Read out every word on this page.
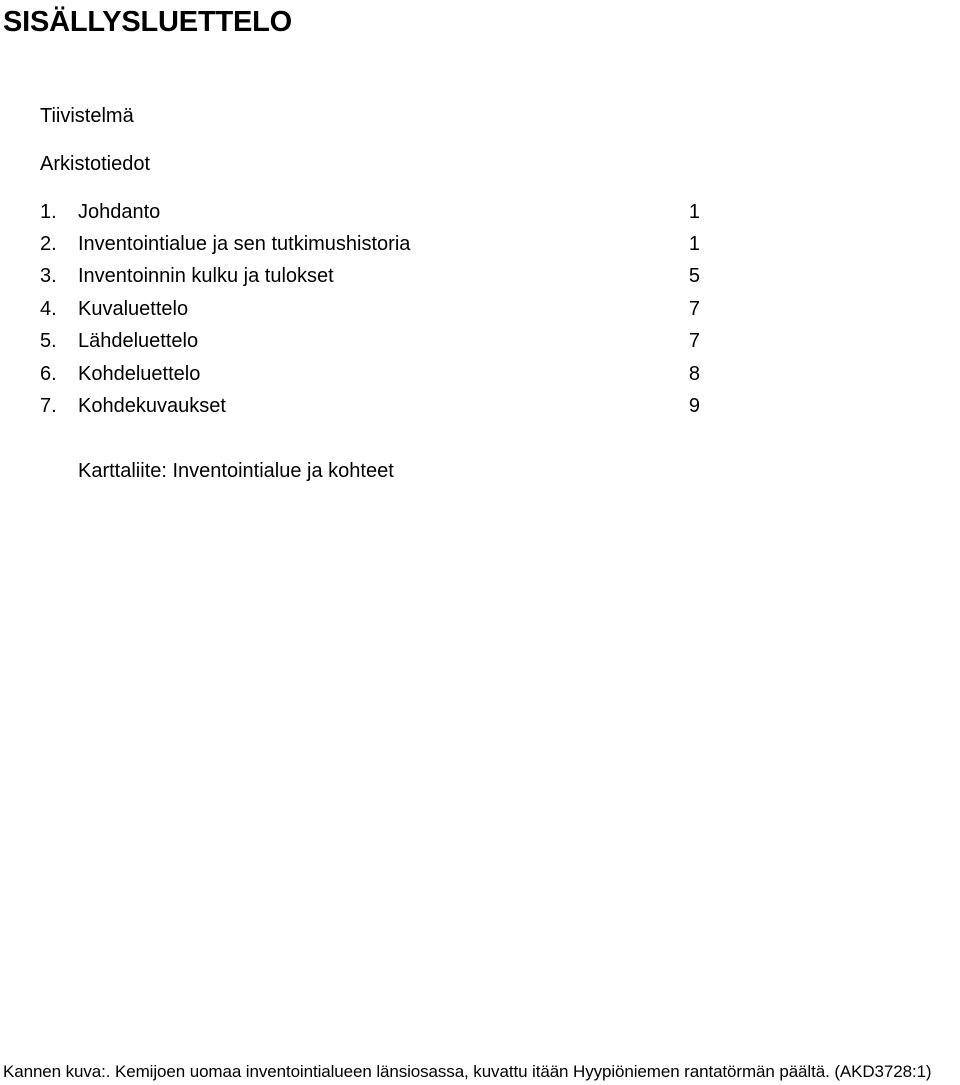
SISÄLLYSLUETTELO
Tiivistelmä
Arkistotiedot
1. Johdanto	1
2. Inventointialue ja sen tutkimushistoria	1
3. Inventoinnin kulku ja tulokset	5
4. Kuvaluettelo	7
5. Lähdeluettelo	7
6. Kohdeluettelo	8
7. Kohdekuvaukset	9
Karttaliite: Inventointialue ja kohteet
Kannen kuva:. Kemijoen uomaa inventointialueen länsiosassa, kuvattu itään Hyypiöniemen rantatörmän päältä. (AKD3728:1)
